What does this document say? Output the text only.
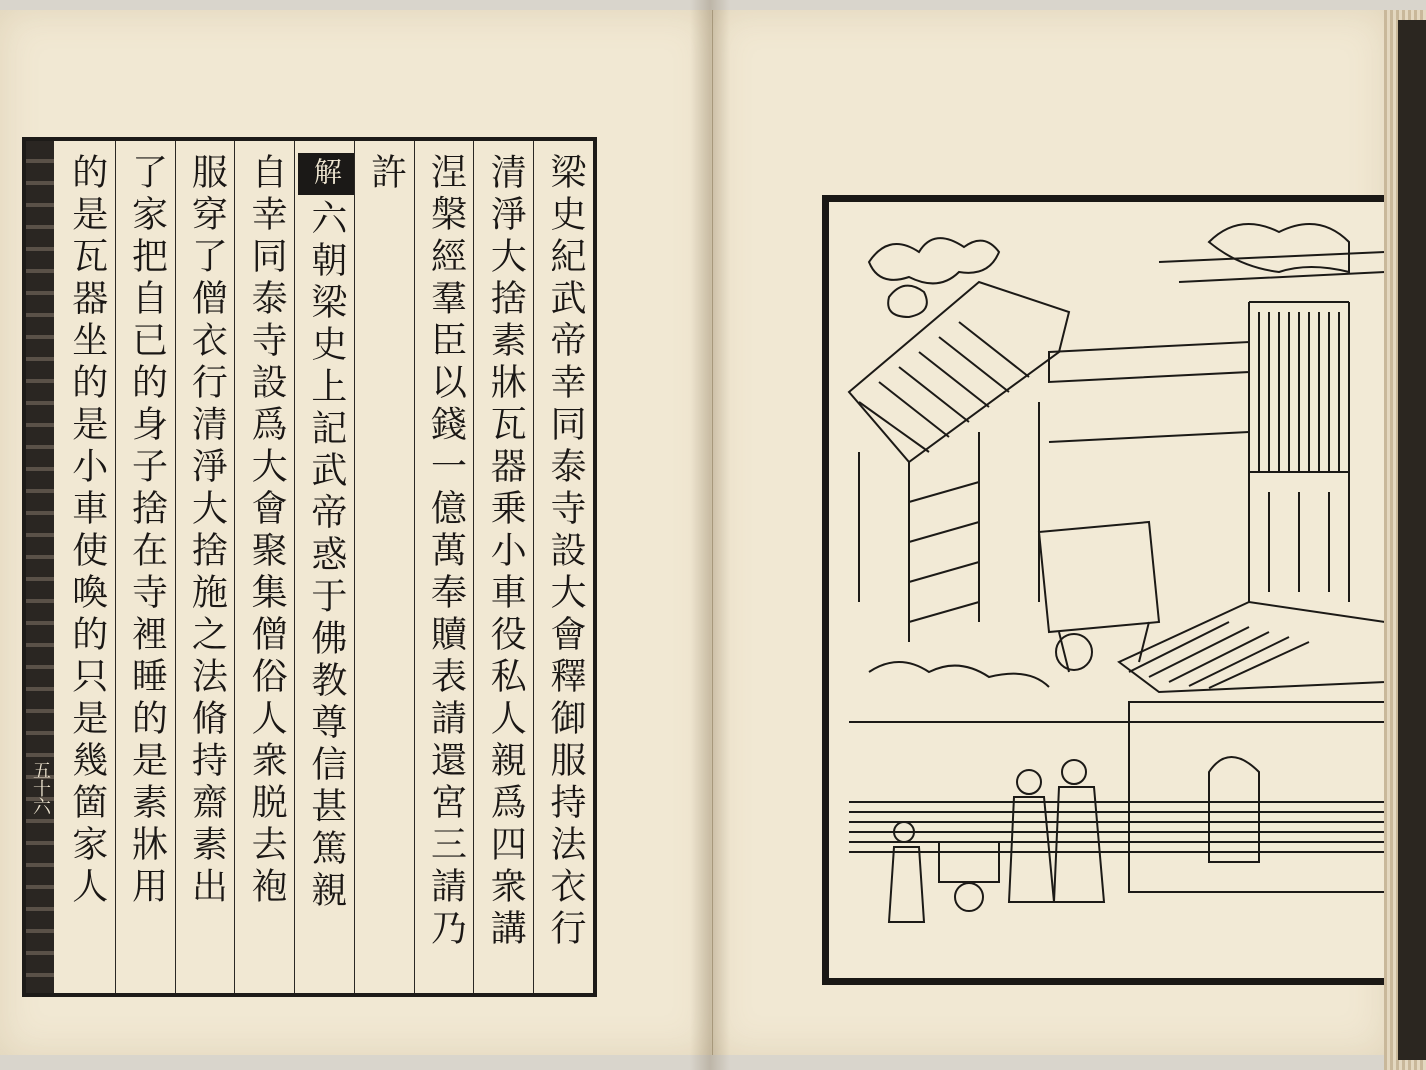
五十六	梁史紀武帝幸同泰寺設大會釋御服持法衣行
清淨大捨素牀瓦器乗小車役私人親爲四衆講
涅槃經羣臣以錢一億萬奉贖表請還宮三請乃
許
解六朝梁史上記武帝惑于佛教尊信甚篤親
自幸同泰寺設爲大會聚集僧俗人衆脱去袍
服穿了僧衣行清淨大捨施之法脩持齋素出
了家把自已的身子捨在寺裡睡的是素牀用
的是瓦器坐的是小車使喚的只是幾箇家人
